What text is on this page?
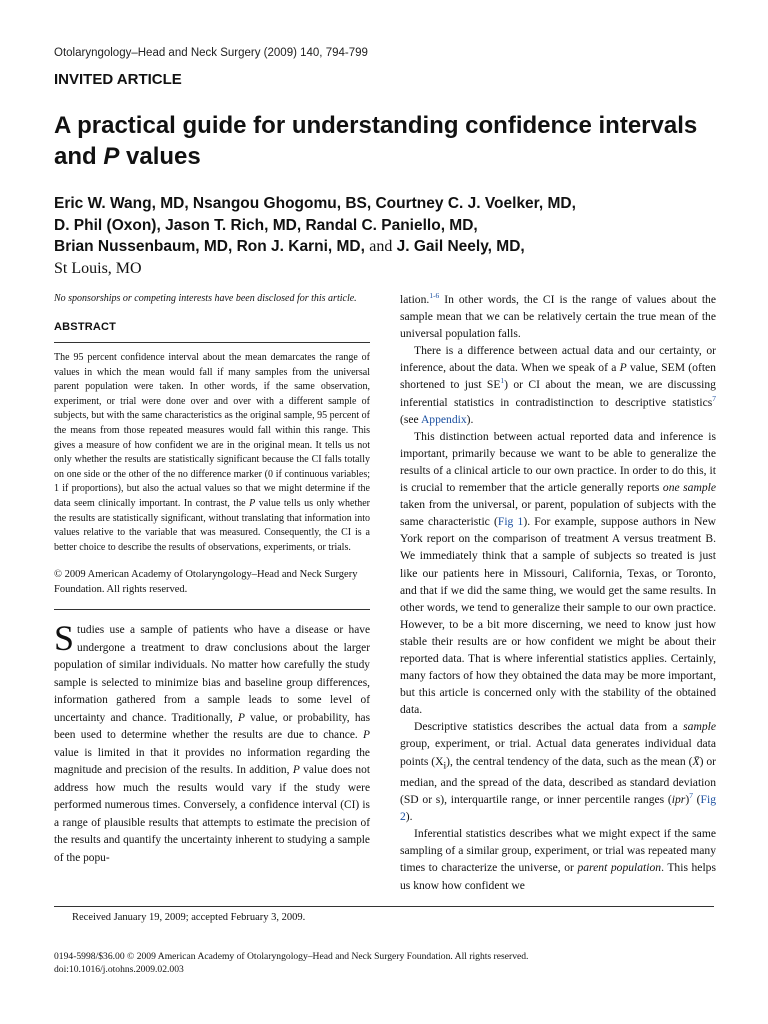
Otolaryngology–Head and Neck Surgery (2009) 140, 794-799
INVITED ARTICLE
A practical guide for understanding confidence intervals and P values
Eric W. Wang, MD, Nsangou Ghogomu, BS, Courtney C. J. Voelker, MD,
D. Phil (Oxon), Jason T. Rich, MD, Randal C. Paniello, MD,
Brian Nussenbaum, MD, Ron J. Karni, MD, and J. Gail Neely, MD,
St Louis, MO

No sponsorships or competing interests have been disclosed for this article.

ABSTRACT

The 95 percent confidence interval about the mean demarcates the range of values in which the mean would fall if many samples from the universal parent population were taken. In other words, if the same observation, experiment, or trial were done over and over with a different sample of subjects, but with the same characteristics as the original sample, 95 percent of the means from those repeated measures would fall within this range. This gives a measure of how confident we are in the original mean. It tells us not only whether the results are statistically significant because the CI falls totally on one side or the other of the no difference marker (0 if continuous variables; 1 if proportions), but also the actual values so that we might determine if the data seem clinically important. In contrast, the P value tells us only whether the results are statistically significant, without translating that information into values relative to the variable that was measured. Consequently, the CI is a better choice to describe the results of observations, experiments, or trials.

© 2009 American Academy of Otolaryngology–Head and Neck Surgery Foundation. All rights reserved.

Studies use a sample of patients who have a disease or have undergone a treatment to draw conclusions about the larger population of similar individuals. No matter how carefully the study sample is selected to minimize bias and baseline group differences, information gathered from a sample leads to some level of uncertainty and chance. Traditionally, P value, or probability, has been used to determine whether the results are due to chance. P value is limited in that it provides no information regarding the magnitude and precision of the results. In addition, P value does not address how much the results would vary if the study were performed numerous times. Conversely, a confidence interval (CI) is a range of plausible results that attempts to estimate the precision of the results and quantify the uncertainty inherent to studying a sample of the popu-

lation.$^{1-6}$ In other words, the CI is the range of values about the sample mean that we can be relatively certain the true mean of the universal population falls.

There is a difference between actual data and our certainty, or inference, about the data. When we speak of a P value, SEM (often shortened to just $SE^1$) or CI about the mean, we are discussing inferential statistics in contradistinction to descriptive statistics$^7$ (see Appendix).

This distinction between actual reported data and inference is important, primarily because we want to be able to generalize the results of a clinical article to our own practice. In order to do this, it is crucial to remember that the article generally reports one sample taken from the universal, or parent, population of subjects with the same characteristic (Fig 1). For example, suppose authors in New York report on the comparison of treatment A versus treatment B. We immediately think that a sample of subjects so treated is just like our patients here in Missouri, California, Texas, or Toronto, and that if we did the same thing, we would get the same results. In other words, we tend to generalize their sample to our own practice. However, to be a bit more discerning, we need to know just how stable their results are or how confident we might be about their reported data. That is where inferential statistics applies. Certainly, many factors of how they obtained the data may be more important, but this article is concerned only with the stability of the obtained data.

Descriptive statistics describes the actual data from a sample group, experiment, or trial. Actual data generates individual data points $(X_i)$, the central tendency of the data, such as the mean (X̄) or median, and the spread of the data, described as standard deviation (SD or s), interquartile range, or inner percentile ranges (ipr)$^7$ (Fig 2).

Inferential statistics describes what we might expect if the same sampling of a similar group, experiment, or trial was repeated many times to characterize the universe, or parent population. This helps us know how confident we

Received January 19, 2009; accepted February 3, 2009.
0194-5998/$36.00 © 2009 American Academy of Otolaryngology–Head and Neck Surgery Foundation. All rights reserved.
doi:10.1016/j.otohns.2009.02.003
